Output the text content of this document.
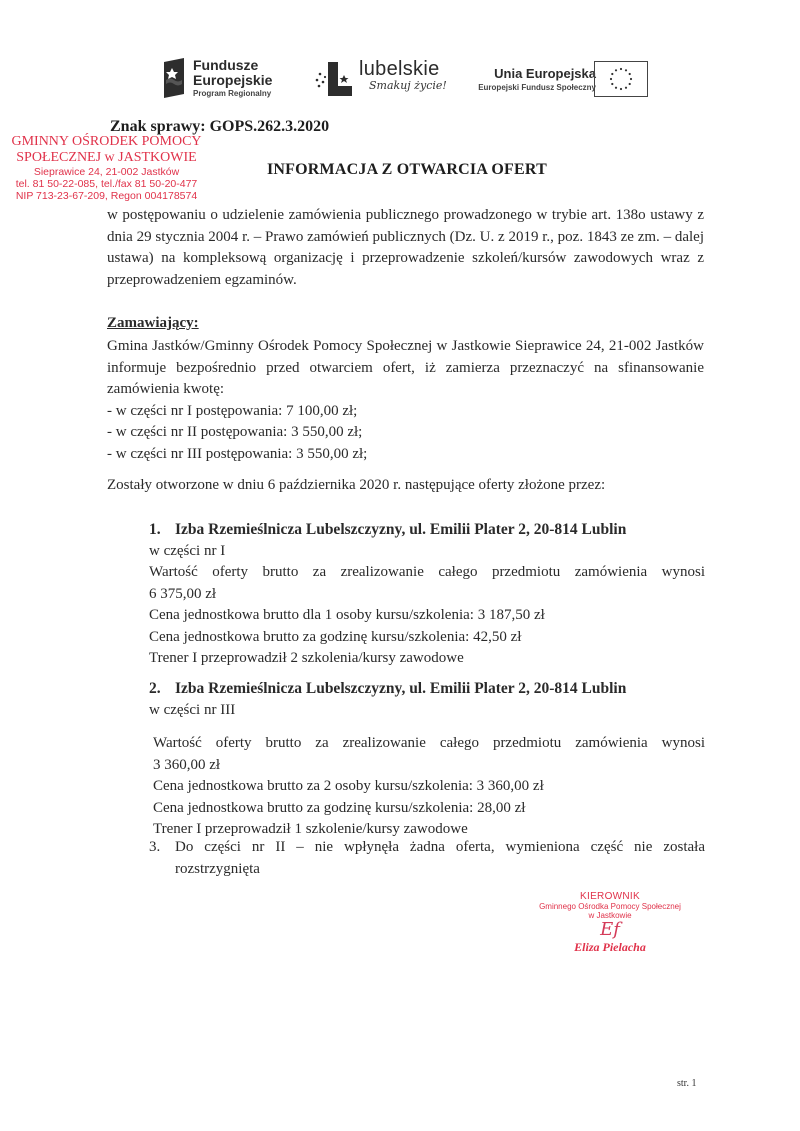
Fundusze
Europejskie
Program Regionalny
lubelskie
Smakuj życie!
Unia Europejska
Europejski Fundusz Społeczny
Znak sprawy: GOPS.262.3.2020
GMINNY OŚRODEK POMOCY
SPOŁECZNEJ w JASTKOWIE
Sieprawice 24, 21-002 Jastków
tel. 81 50-22-085, tel./fax 81 50-20-477
NIP 713-23-67-209, Regon 004178574
INFORMACJA Z OTWARCIA OFERT

w postępowaniu o udzielenie zamówienia publicznego prowadzonego w trybie art. 138o ustawy z dnia 29 stycznia 2004 r. – Prawo zamówień publicznych (Dz. U. z 2019 r., poz. 1843 ze zm. – dalej ustawa) na kompleksową organizację i przeprowadzenie szkoleń/kursów zawodowych wraz z przeprowadzeniem egzaminów.

Zamawiający:

Gmina Jastków/Gminny Ośrodek Pomocy Społecznej w Jastkowie Sieprawice 24, 21-002 Jastków informuje bezpośrednio przed otwarciem ofert, iż zamierza przeznaczyć na sfinansowanie zamówienia kwotę:

- w części nr I postępowania: 7 100,00 zł;
- w części nr II postępowania: 3 550,00 zł;
- w części nr III postępowania: 3 550,00 zł;
Zostały otworzone w dniu 6 października 2020 r. następujące oferty złożone przez:
1. Izba Rzemieślnicza Lubelszczyzny, ul. Emilii Plater 2, 20-814 Lublin
w części nr I
Wartość oferty brutto za zrealizowanie całego przedmiotu zamówienia wynosi
6 375,00 zł
Cena jednostkowa brutto dla 1 osoby kursu/szkolenia: 3 187,50 zł
Cena jednostkowa brutto za godzinę kursu/szkolenia: 42,50 zł
Trener I przeprowadził 2 szkolenia/kursy zawodowe
2. Izba Rzemieślnicza Lubelszczyzny, ul. Emilii Plater 2, 20-814 Lublin
w części nr III
Wartość oferty brutto za zrealizowanie całego przedmiotu zamówienia wynosi
3 360,00 zł
Cena jednostkowa brutto za 2 osoby kursu/szkolenia: 3 360,00 zł
Cena jednostkowa brutto za godzinę kursu/szkolenia: 28,00 zł
Trener I przeprowadził 1 szkolenie/kursy zawodowe
3. Do części nr II – nie wpłynęła żadna oferta, wymieniona część nie została rozstrzygnięta
KIEROWNIK
Gminnego Ośrodka Pomocy Społecznej
w Jastkowie
Ef
Eliza Pielacha
str. 1
